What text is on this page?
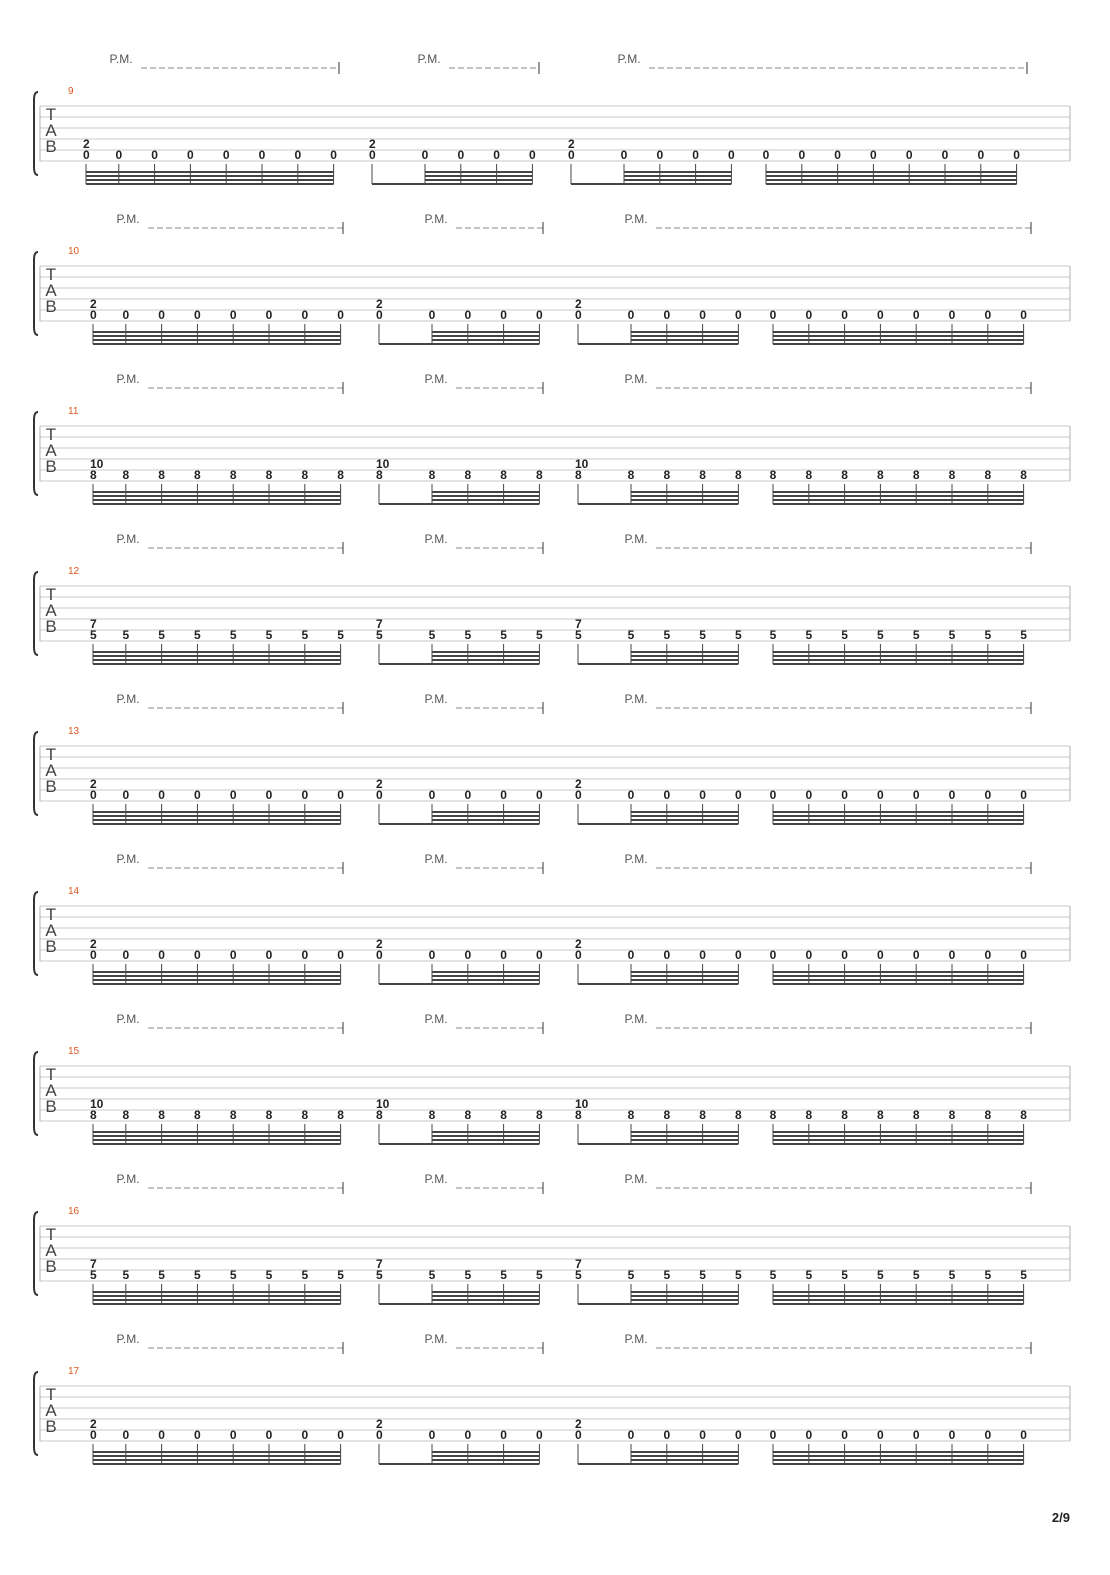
P.M.	P.M.	P.M.
9
T
A
B 2
0 0 0 0 0 0 0 0
2
0	0 0 0 0
2
0	0 0 0 0 0 0 0 0 0 0 0 0
P.M.	P.M.	P.M.
10
T
A
B	2
0 0 0 0 0 0 0 0
2
0	0 0 0 0
2
0	0 0 0 0 0 0 0 0 0 0 0 0
P.M.	P.M.	P.M.
11
T
A
B	10
8 8 8 8 8 8 8 8
10
8	8 8 8 8
10
8	8 8 8 8 8 8 8 8 8 8 8 8
P.M.	P.M.	P.M.
12
T
A
B	7
5 5 5 5 5 5 5 5
7
5	5 5 5 5
7
5	5 5 5 5 5 5 5 5 5 5 5 5
P.M.	P.M.	P.M.
13
T
A
B	2
0 0 0 0 0 0 0 0
2
0	0 0 0 0
2
0	0 0 0 0 0 0 0 0 0 0 0 0
P.M.	P.M.	P.M.
14
T
A
B	2
0 0 0 0 0 0 0 0
2
0	0 0 0 0
2
0	0 0 0 0 0 0 0 0 0 0 0 0
P.M.	P.M.	P.M.
15
T
A
B	10
8 8 8 8 8 8 8 8
10
8	8 8 8 8
10
8	8 8 8 8 8 8 8 8 8 8 8 8
P.M.	P.M.	P.M.
16
T
A
B	7
5 5 5 5 5 5 5 5
7
5	5 5 5 5
7
5	5 5 5 5 5 5 5 5 5 5 5 5
P.M.	P.M.	P.M.
17
T
A
B	2
0 0 0 0 0 0 0 0
2
0	0 0 0 0
2
0	0 0 0 0 0 0 0 0 0 0 0 0
2/9
